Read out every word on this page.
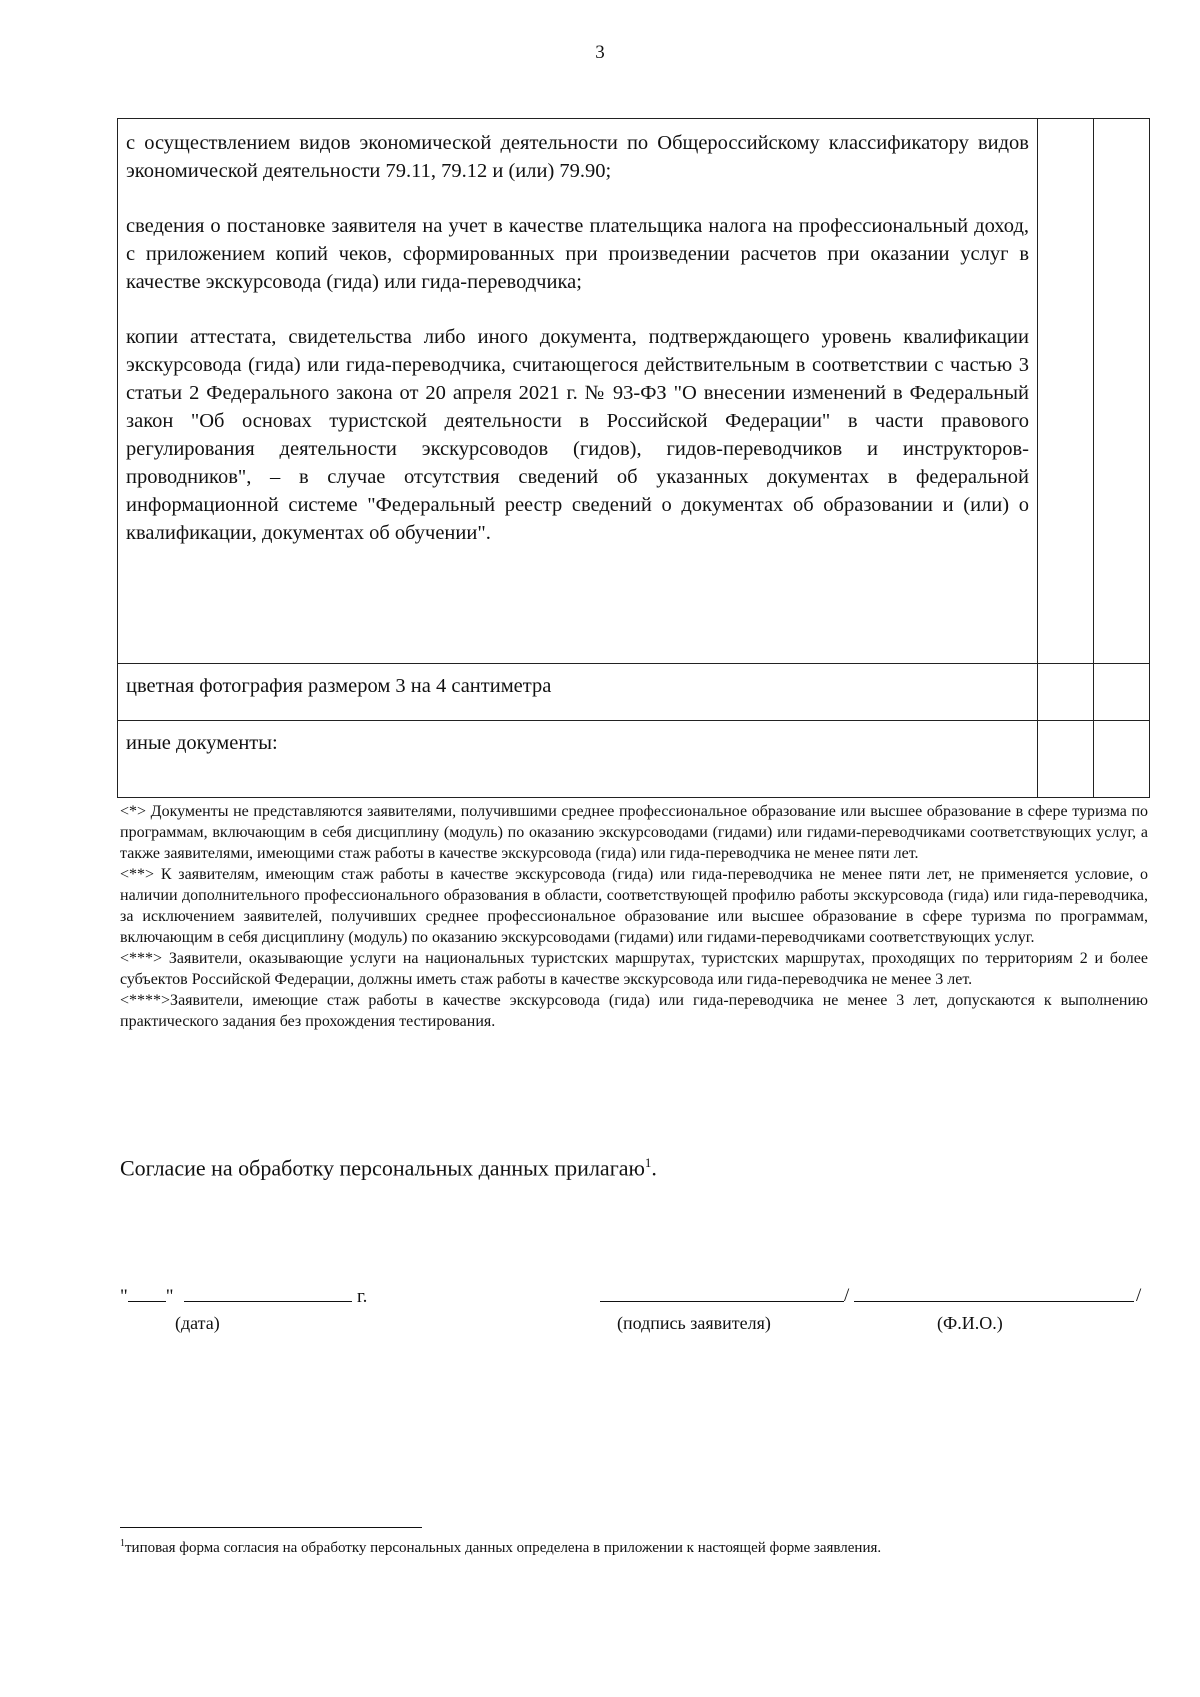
3

с осуществлением видов экономической деятельности по Общероссийскому классификатору видов экономической деятельности 79.11, 79.12 и (или) 79.90;

сведения о постановке заявителя на учет в качестве плательщика налога на профессиональный доход, с приложением копий чеков, сформированных при произведении расчетов при оказании услуг в качестве экскурсовода (гида) или гида-переводчика;

копии аттестата, свидетельства либо иного документа, подтверждающего уровень квалификации экскурсовода (гида) или гида-переводчика, считающегося действительным в соответствии с частью 3 статьи 2 Федерального закона от 20 апреля 2021 г. № 93-ФЗ "О внесении изменений в Федеральный закон "Об основах туристской деятельности в Российской Федерации" в части правового регулирования деятельности экскурсоводов (гидов), гидов-переводчиков и инструкторов-проводников", – в случае отсутствия сведений об указанных документах в федеральной информационной системе "Федеральный реестр сведений о документах об образовании и (или) о квалификации, документах об обучении".		

цветная фотография размером 3 на 4 сантиметра		
иные документы:		

<*> Документы не представляются заявителями, получившими среднее профессиональное образование или высшее образование в сфере туризма по программам, включающим в себя дисциплину (модуль) по оказанию экскурсоводами (гидами) или гидами-переводчиками соответствующих услуг, а также заявителями, имеющими стаж работы в качестве экскурсовода (гида) или гида-переводчика не менее пяти лет.

<**> К заявителям, имеющим стаж работы в качестве экскурсовода (гида) или гида-переводчика не менее пяти лет, не применяется условие, о наличии дополнительного профессионального образования в области, соответствующей профилю работы экскурсовода (гида) или гида-переводчика, за исключением заявителей, получивших среднее профессиональное образование или высшее образование в сфере туризма по программам, включающим в себя дисциплину (модуль) по оказанию экскурсоводами (гидами) или гидами-переводчиками соответствующих услуг.

<***> Заявители, оказывающие услуги на национальных туристских маршрутах, туристских маршрутах, проходящих по территориям 2 и более субъектов Российской Федерации, должны иметь стаж работы в качестве экскурсовода или гида-переводчика не менее 3 лет.

<****>Заявители, имеющие стаж работы в качестве экскурсовода (гида) или гида-переводчика не менее 3 лет, допускаются к выполнению практического задания без прохождения тестирования.

Согласие на обработку персональных данных прилагаю$^1$.
" "	г.
(дата)
/	/
(подпись заявителя)	(Ф.И.О.)
$^1$типовая форма согласия на обработку персональных данных определена в приложении к настоящей форме заявления.
